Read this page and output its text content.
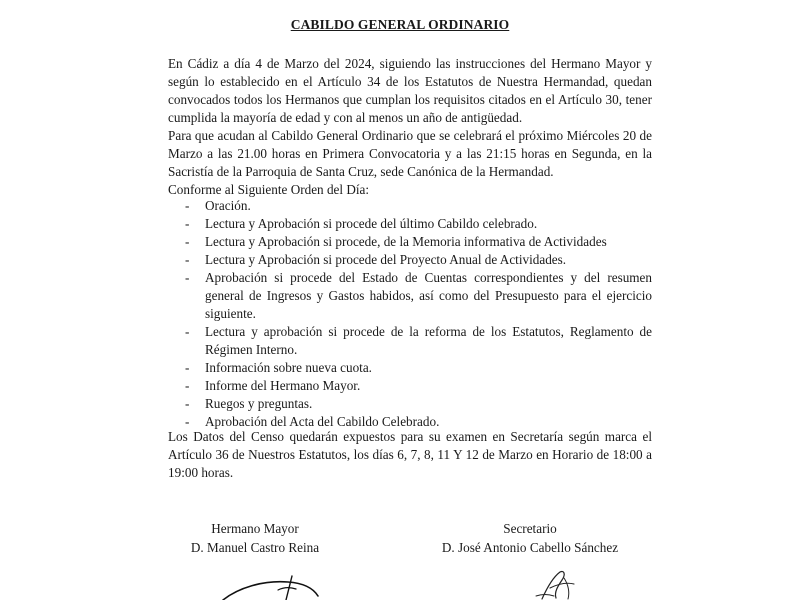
CABILDO GENERAL ORDINARIO
En Cádiz a día 4 de Marzo del 2024, siguiendo las instrucciones del Hermano Mayor y según lo establecido en el Artículo 34 de los Estatutos de Nuestra Hermandad, quedan convocados todos los Hermanos que cumplan los requisitos citados en el Artículo 30, tener cumplida la mayoría de edad y con al menos un año de antigüedad.
Para que acudan al Cabildo General Ordinario que se celebrará el próximo Miércoles 20 de Marzo a las 21.00 horas en Primera Convocatoria y a las 21:15 horas en Segunda, en la Sacristía de la Parroquia de Santa Cruz, sede Canónica de la Hermandad.
Conforme al Siguiente Orden del Día:
- Oración.
- Lectura y Aprobación si procede del último Cabildo celebrado.
- Lectura y Aprobación si procede, de la Memoria informativa de Actividades
- Lectura y Aprobación si procede del Proyecto Anual de Actividades.
- Aprobación si procede del Estado de Cuentas correspondientes y del resumen general de Ingresos y Gastos habidos, así como del Presupuesto para el ejercicio siguiente.
- Lectura y aprobación si procede de la reforma de los Estatutos, Reglamento de Régimen Interno.
- Información sobre nueva cuota.
- Informe del Hermano Mayor.
- Ruegos y preguntas.
- Aprobación del Acta del Cabildo Celebrado.
Los Datos del Censo quedarán expuestos para su examen en Secretaría según marca el Artículo 36 de Nuestros Estatutos, los días 6, 7, 8, 11 Y 12 de Marzo en Horario de 18:00 a 19:00 horas.
Hermano Mayor
D. Manuel Castro Reina
Secretario
D. José Antonio Cabello Sánchez
